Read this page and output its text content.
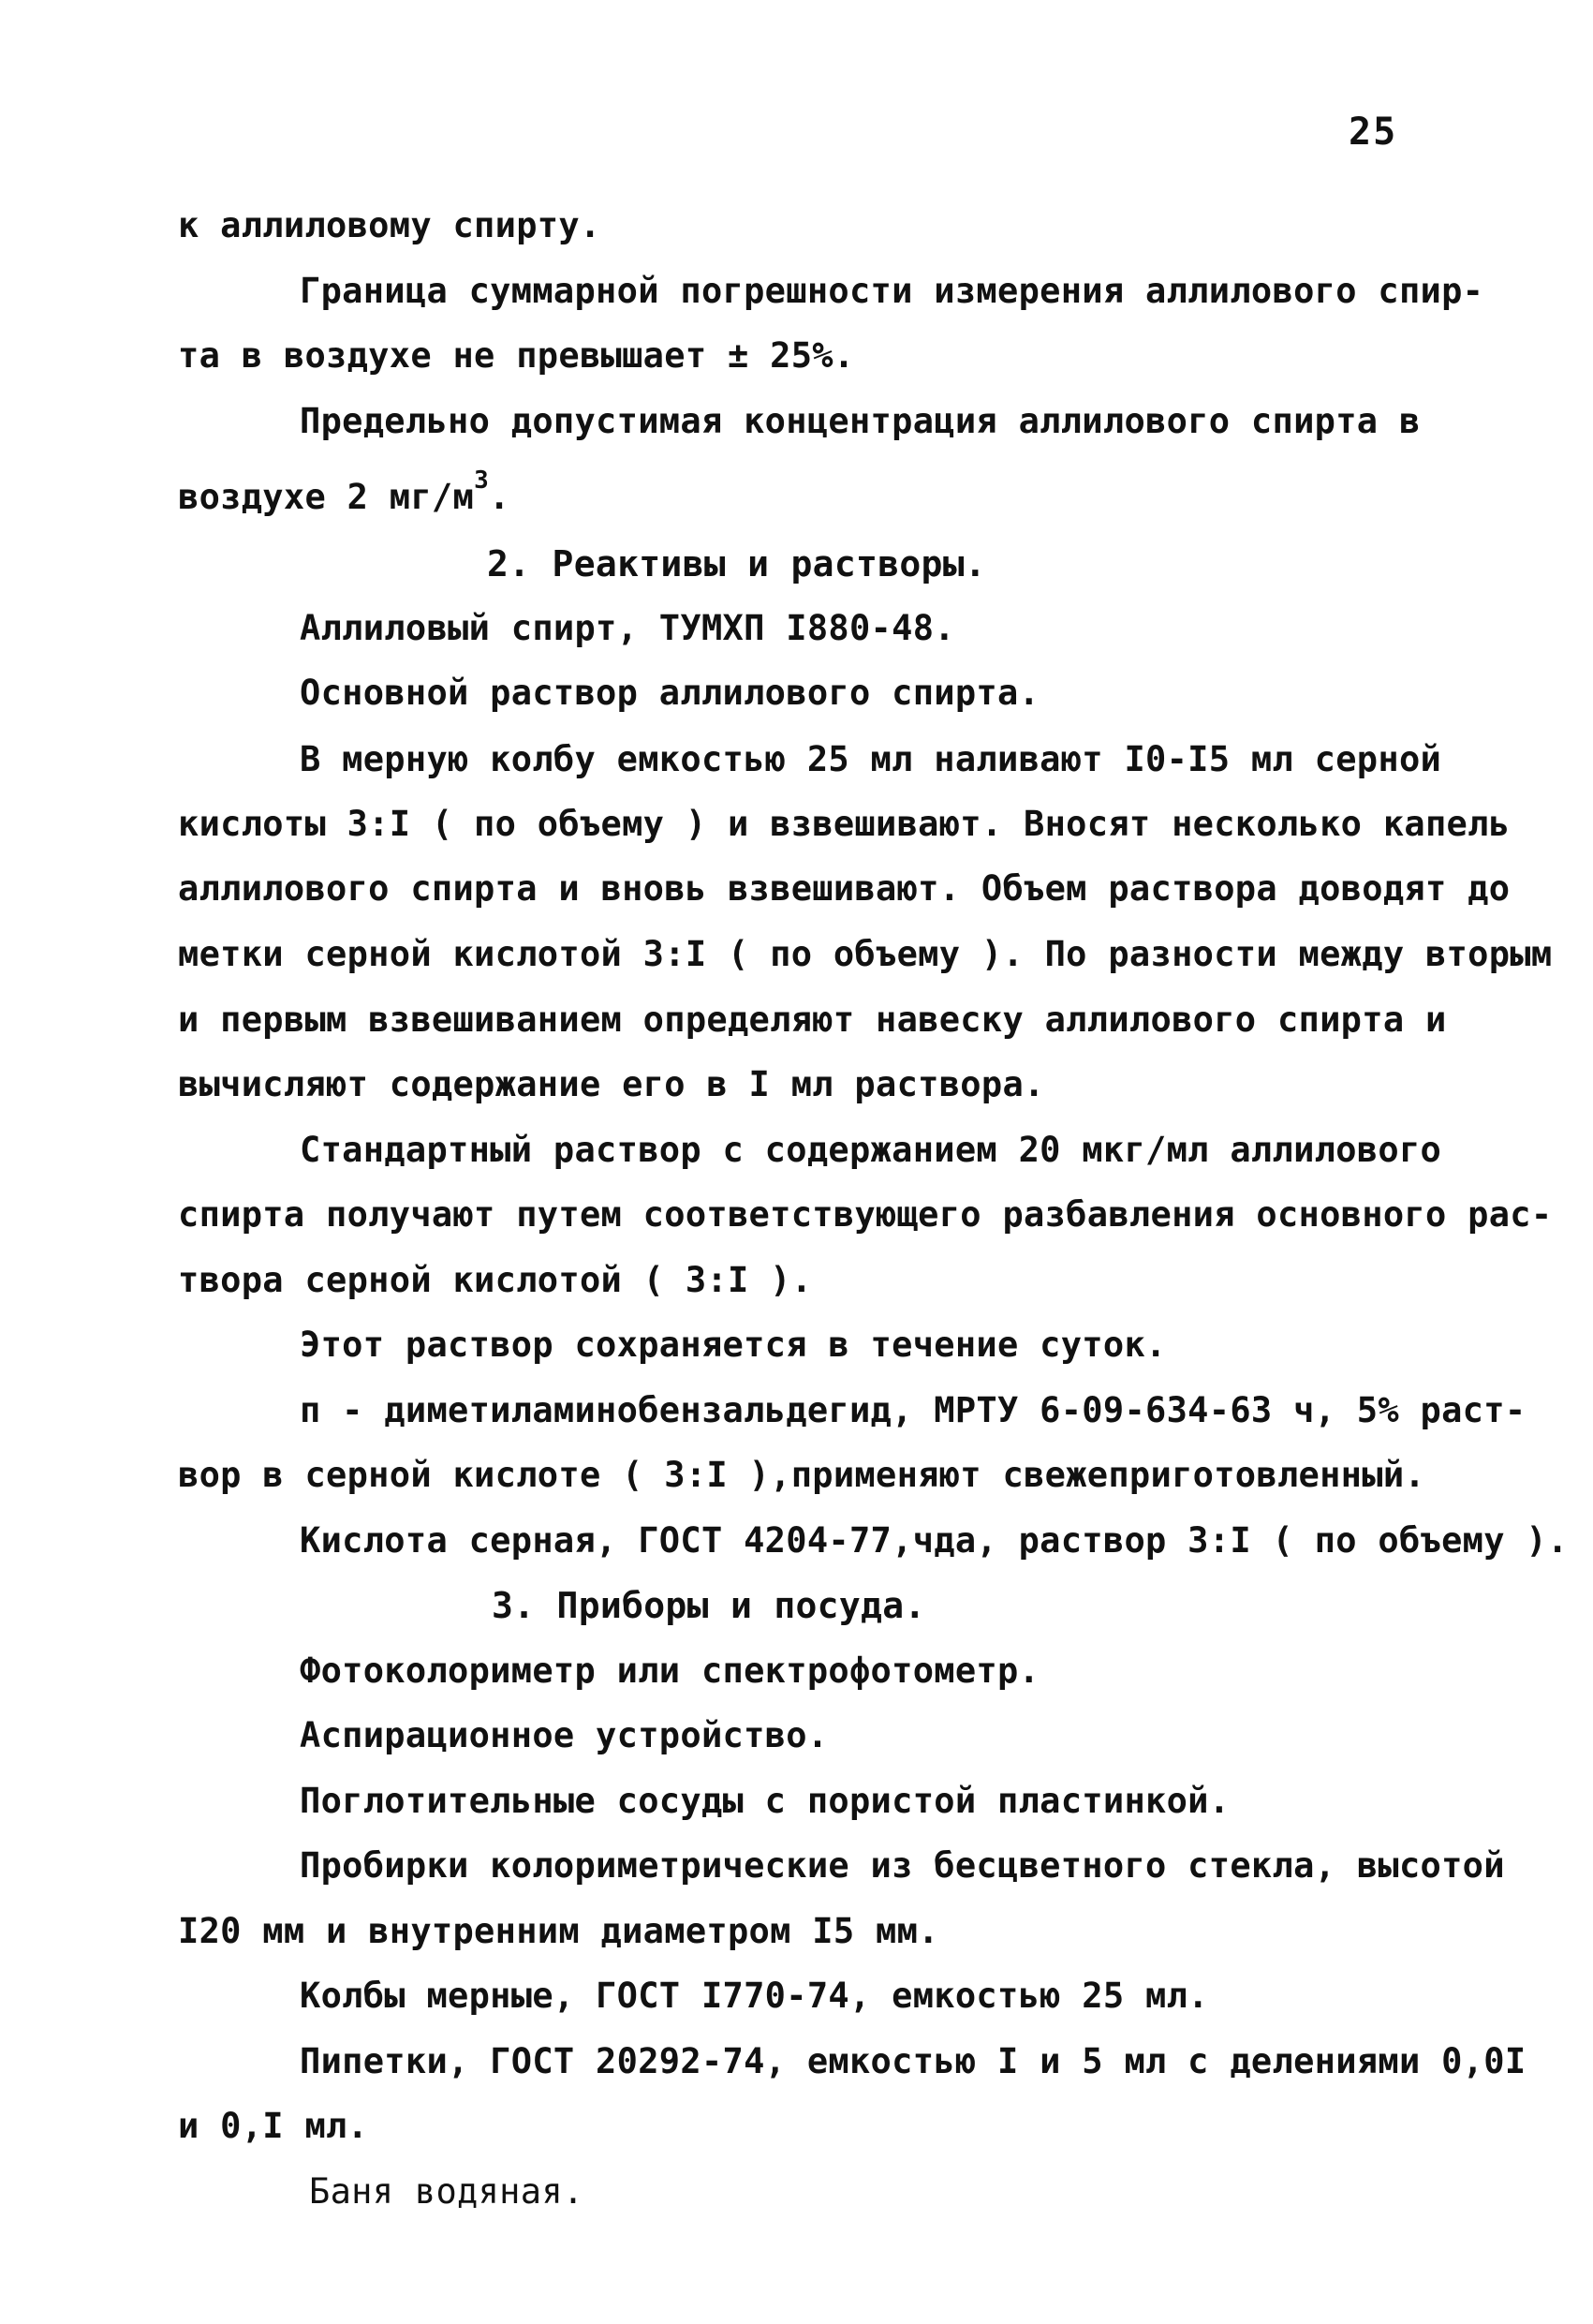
25
к аллиловому спирту.
Граница суммарной погрешности измерения аллилового спир-
та в воздухе не превышает ± 25%.
Предельно допустимая концентрация аллилового спирта в
воздухе 2 $мг/м^3$.
2. Реактивы и растворы.
Аллиловый спирт, ТУМХП I880-48.
Основной раствор аллилового спирта.
В мерную колбу емкостью 25 мл наливают I0-I5 мл серной
кислоты 3:I ( по объему ) и взвешивают. Вносят несколько капель
аллилового спирта и вновь взвешивают. Объем раствора доводят до
метки серной кислотой 3:I ( по объему ). По разности между вторым
и первым взвешиванием определяют навеску аллилового спирта и
вычисляют содержание его в I мл раствора.
Стандартный раствор с содержанием 20 мкг/мл аллилового
спирта получают путем соответствующего разбавления основного рас-
твора серной кислотой ( 3:I ).
Этот раствор сохраняется в течение суток.
п - диметиламинобензальдегид, МРТУ 6-09-634-63 ч, 5% раст-
вор в серной кислоте ( 3:I ),применяют свежеприготовленный.
Кислота серная, ГОСТ 4204-77,чда, раствор 3:I ( по объему ).
3. Приборы и посуда.
Фотоколориметр или спектрофотометр.
Аспирационное устройство.
Поглотительные сосуды с пористой пластинкой.
Пробирки колориметрические из бесцветного стекла, высотой
I20 мм и внутренним диаметром I5 мм.
Колбы мерные, ГОСТ I770-74, емкостью 25 мл.
Пипетки, ГОСТ 20292-74, емкостью I и 5 мл с делениями 0,0I
и 0,I мл.
Баня водяная.
